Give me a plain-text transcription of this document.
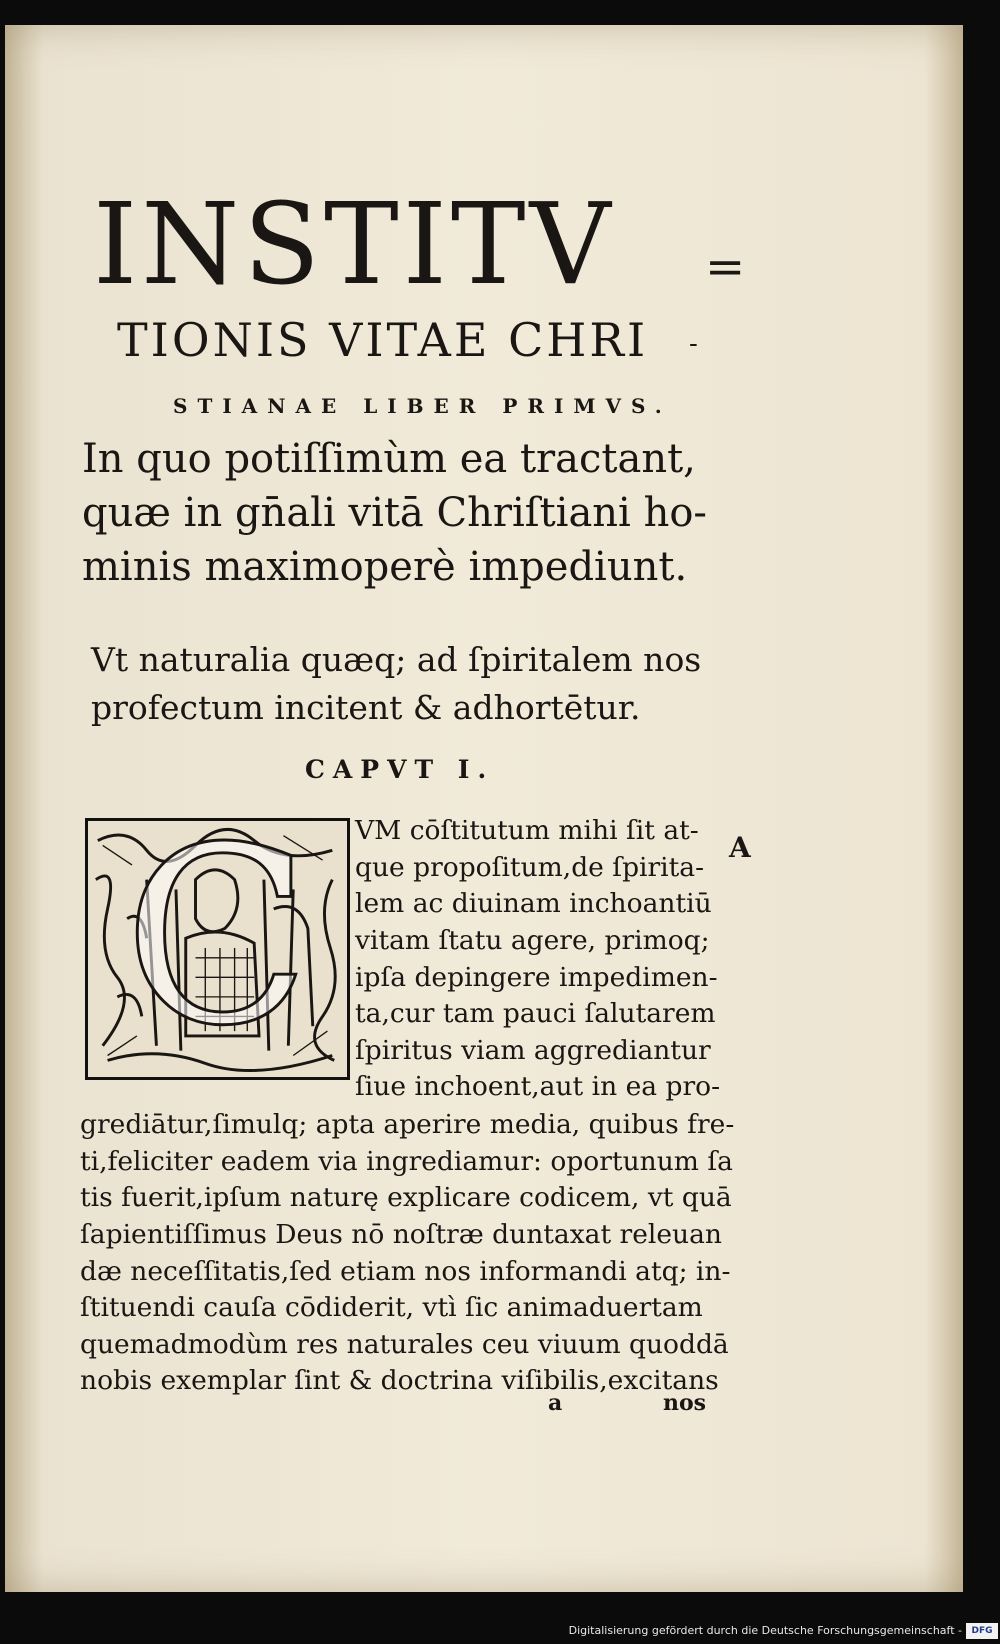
INSTITV =
TIONIS VITAE CHRI -
STIANAE LIBER PRIMVS.
In quo potiſſimùm ea tractant,
quæ in gn̄ali vitā Chriſtiani ho-
minis maximoperè impediunt.
Vt naturalia quæq; ad ſpiritalem nos
profectum incitent & adhortētur.
CAPVT I.
C VM cōſtitutum mihi ſit at-
que propoſitum,de ſpirita-
lem ac diuinam inchoantiū
vitam ſtatu agere, primoq;
ipſa depingere impedimen-
ta,cur tam pauci ſalutarem
ſpiritus viam aggrediantur
ſiue inchoent,aut in ea pro-
grediātur,ſimulq; apta aperire media, quibus fre-
ti,feliciter eadem via ingrediamur: oportunum ſa
tis fuerit,ipſum naturę explicare codicem, vt quā
ſapientiſſimus Deus nō noſtræ duntaxat releuan
dæ neceſſitatis,ſed etiam nos informandi atq; in-
ſtituendi cauſa cōdiderit, vtì ſic animaduertam
quemadmodùm res naturales ceu viuum quoddā
nobis exemplar ſint & doctrina viſibilis,excitans
A
a	nos
Digitalisierung gefördert durch die Deutsche Forschungsgemeinschaft -	DFG
